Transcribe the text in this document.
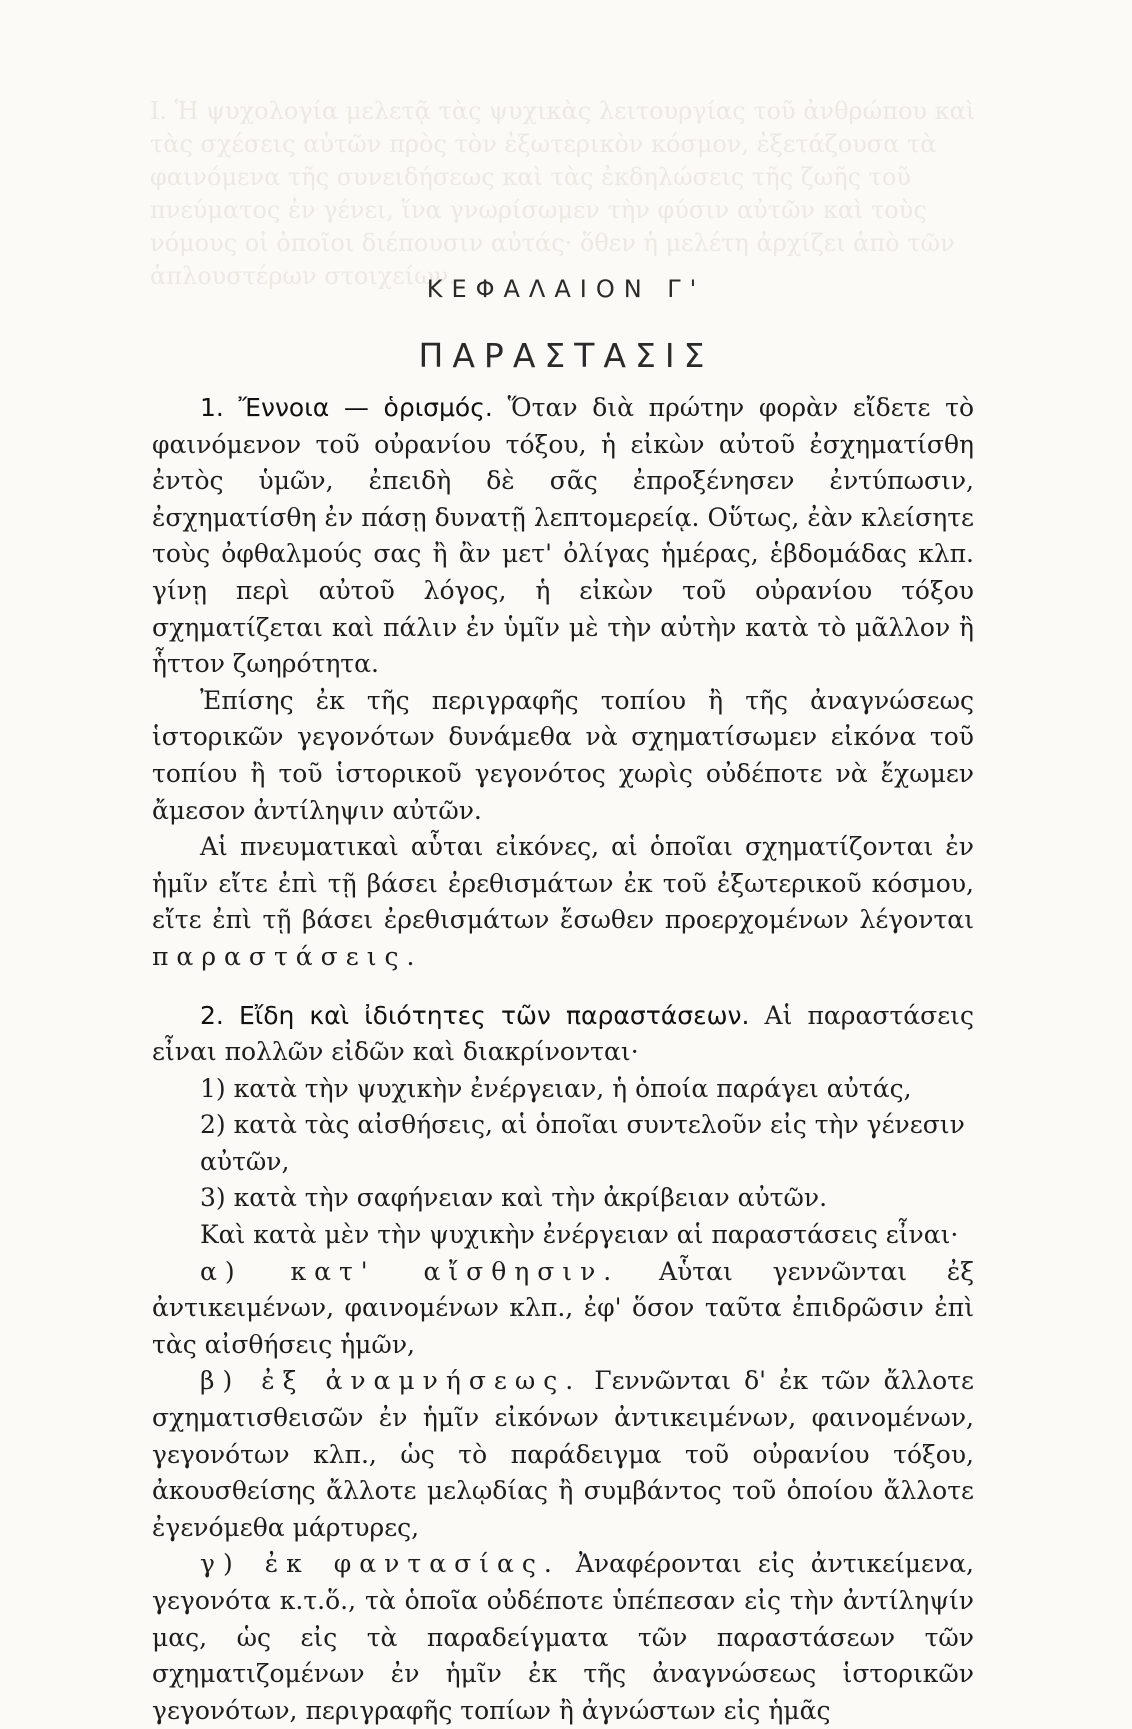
Ι. Ἡ ψυχολογία μελετᾷ τὰς ψυχικὰς λειτουργίας τοῦ ἀνθρώπου καὶ τὰς σχέσεις αὐτῶν πρὸς τὸν ἐξωτερικὸν κόσμον, ἐξετάζουσα τὰ φαινόμενα τῆς συνειδήσεως καὶ τὰς ἐκδηλώσεις τῆς ζωῆς τοῦ πνεύματος ἐν γένει, ἵνα γνωρίσωμεν τὴν φύσιν αὐτῶν καὶ τοὺς νόμους οἱ ὁποῖοι διέπουσιν αὐτάς· ὅθεν ἡ μελέτη ἀρχίζει ἀπὸ τῶν ἁπλουστέρων στοιχείων.
ΚΕΦΑΛΑΙΟΝ Γ'
ΠΑΡΑΣΤΑΣΙΣ

1. Ἔννοια — ὁρισμός. Ὅταν διὰ πρώτην φορὰν εἴδετε τὸ φαινόμενον τοῦ οὐρανίου τόξου, ἡ εἰκὼν αὐτοῦ ἐσχηματίσθη ἐντὸς ὑμῶν, ἐπειδὴ δὲ σᾶς ἐπροξένησεν ἐντύπωσιν, ἐσχηματίσθη ἐν πάσῃ δυνατῇ λεπτομερείᾳ. Οὕτως, ἐὰν κλείσητε τοὺς ὀφθαλμούς σας ἢ ἂν μετ' ὀλίγας ἡμέρας, ἑβδομάδας κλπ. γίνῃ περὶ αὐτοῦ λόγος, ἡ εἰκὼν τοῦ οὐρανίου τόξου σχηματίζεται καὶ πάλιν ἐν ὑμῖν μὲ τὴν αὐτὴν κατὰ τὸ μᾶλλον ἢ ἧττον ζωηρότητα.

Ἐπίσης ἐκ τῆς περιγραφῆς τοπίου ἢ τῆς ἀναγνώσεως ἱστορικῶν γεγονότων δυνάμεθα νὰ σχηματίσωμεν εἰκόνα τοῦ τοπίου ἢ τοῦ ἱστορικοῦ γεγονότος χωρὶς οὐδέποτε νὰ ἔχωμεν ἄμεσον ἀντίληψιν αὐτῶν.

Αἱ πνευματικαὶ αὗται εἰκόνες, αἱ ὁποῖαι σχηματίζονται ἐν ἡμῖν εἴτε ἐπὶ τῇ βάσει ἐρεθισμάτων ἐκ τοῦ ἐξωτερικοῦ κόσμου, εἴτε ἐπὶ τῇ βάσει ἐρεθισμάτων ἔσωθεν προερχομένων λέγονται παραστάσεις.

2. Εἴδη καὶ ἰδιότητες τῶν παραστάσεων. Αἱ παραστάσεις εἶναι πολλῶν εἰδῶν καὶ διακρίνονται·

1) κατὰ τὴν ψυχικὴν ἐνέργειαν, ἡ ὁποία παράγει αὐτάς,

2) κατὰ τὰς αἰσθήσεις, αἱ ὁποῖαι συντελοῦν εἰς τὴν γένεσιν αὐτῶν,

3) κατὰ τὴν σαφήνειαν καὶ τὴν ἀκρίβειαν αὐτῶν.

Καὶ κατὰ μὲν τὴν ψυχικὴν ἐνέργειαν αἱ παραστάσεις εἶναι·

α) κατ' αἴσθησιν. Αὗται γεννῶνται ἐξ ἀντικειμένων, φαινομένων κλπ., ἐφ' ὅσον ταῦτα ἐπιδρῶσιν ἐπὶ τὰς αἰσθήσεις ἡμῶν,

β) ἐξ ἀναμνήσεως. Γεννῶνται δ' ἐκ τῶν ἄλλοτε σχηματισθεισῶν ἐν ἡμῖν εἰκόνων ἀντικειμένων, φαινομένων, γεγονότων κλπ., ὡς τὸ παράδειγμα τοῦ οὐρανίου τόξου, ἀκουσθείσης ἄλλοτε μελῳδίας ἢ συμβάντος τοῦ ὁποίου ἄλλοτε ἐγενόμεθα μάρτυρες,

γ) ἐκ φαντασίας. Ἀναφέρονται εἰς ἀντικείμενα, γεγονότα κ.τ.ὅ., τὰ ὁποῖα οὐδέποτε ὑπέπεσαν εἰς τὴν ἀντίληψίν μας, ὡς εἰς τὰ παραδείγματα τῶν παραστάσεων τῶν σχηματιζομένων ἐν ἡμῖν ἐκ τῆς ἀναγνώσεως ἱστορικῶν γεγονότων, περιγραφῆς τοπίων ἢ ἀγνώστων εἰς ἡμᾶς
